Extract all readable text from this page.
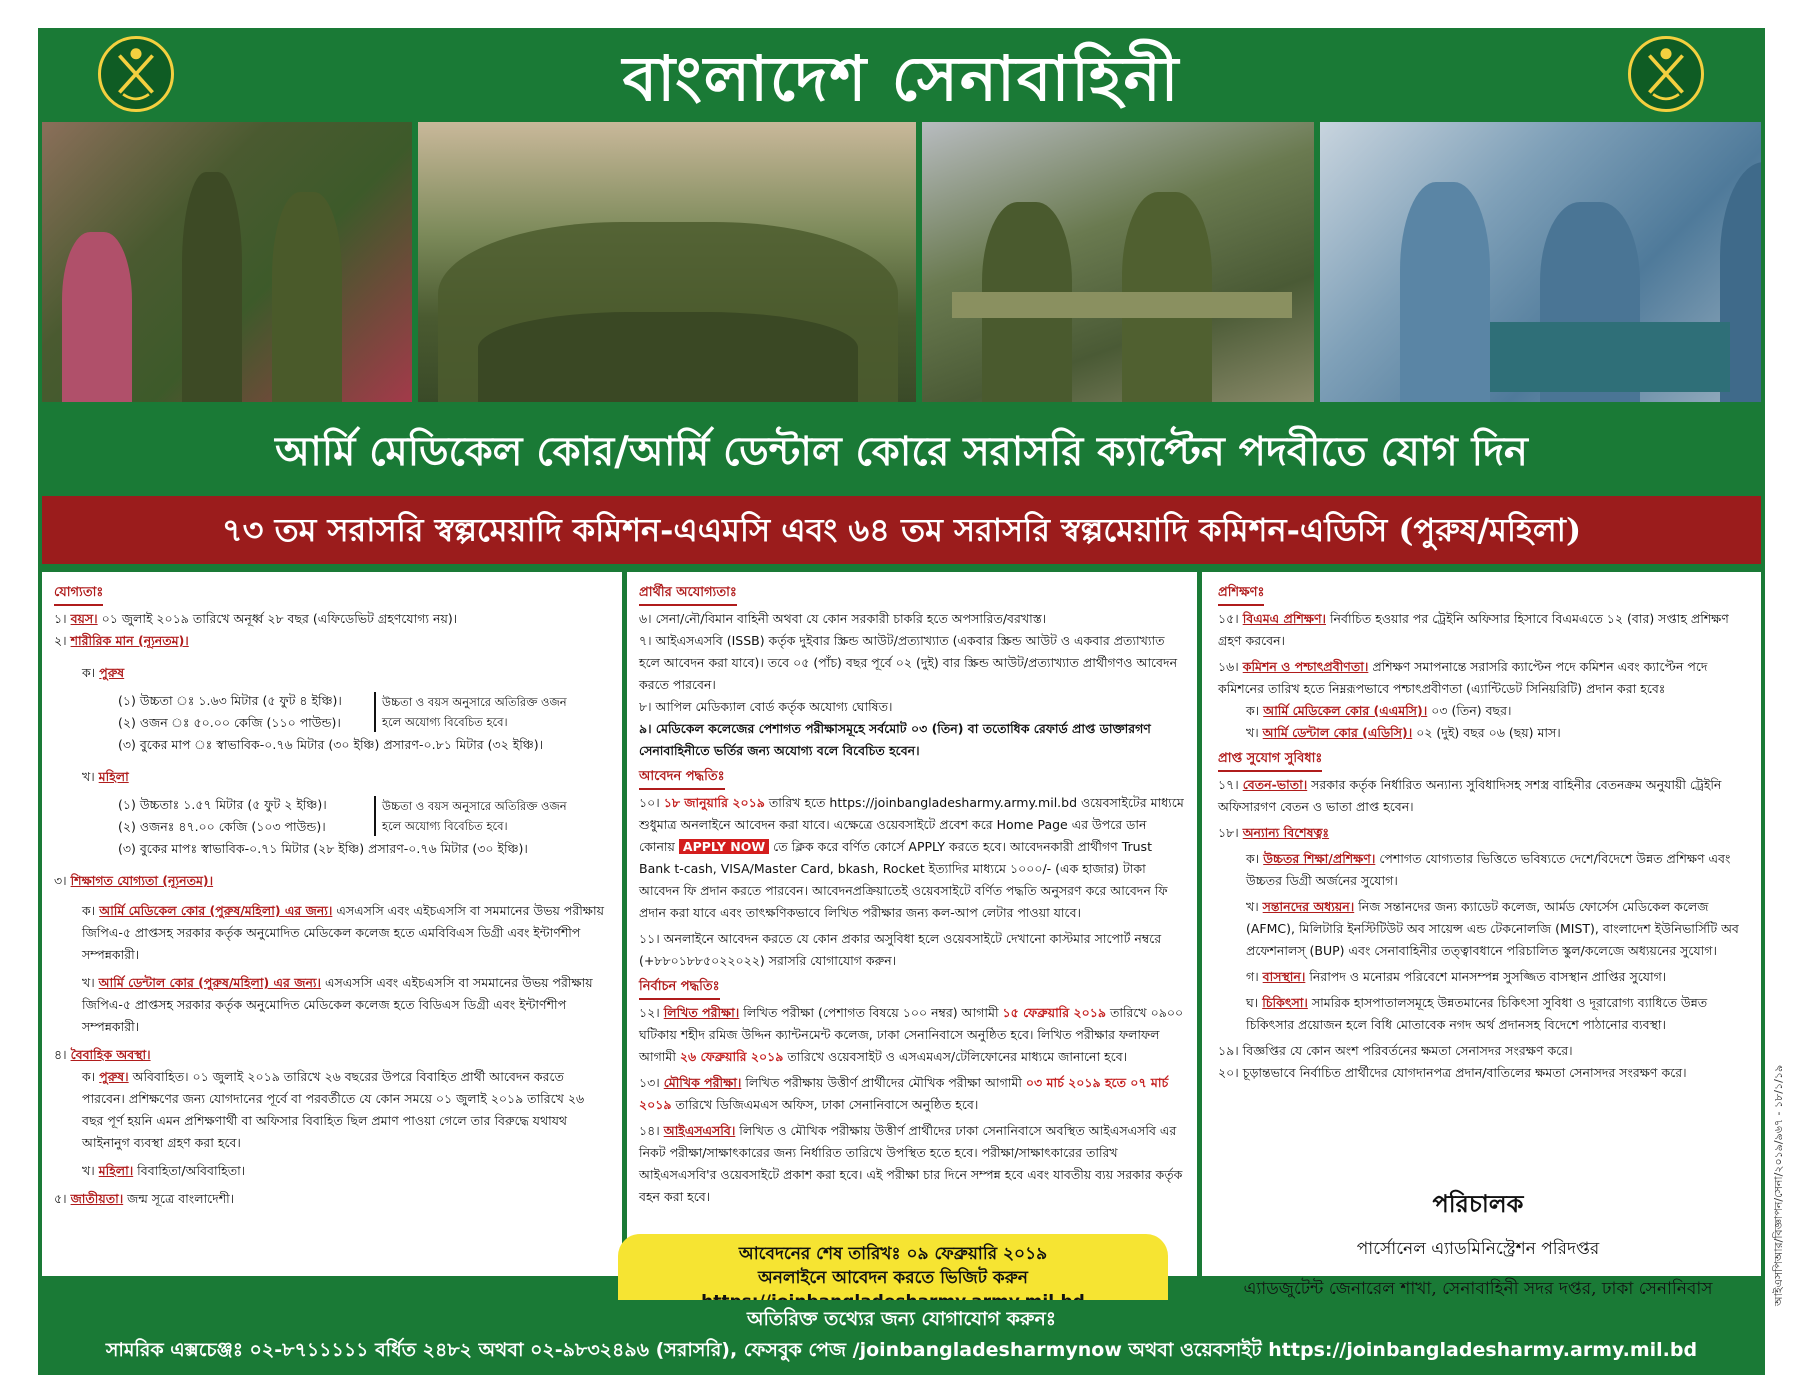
বাংলাদেশ সেনাবাহিনী
আর্মি মেডিকেল কোর/আর্মি ডেন্টাল কোরে সরাসরি ক্যাপ্টেন পদবীতে যোগ দিন
৭৩ তম সরাসরি স্বল্পমেয়াদি কমিশন-এএমসি এবং ৬৪ তম সরাসরি স্বল্পমেয়াদি কমিশন-এডিসি (পুরুষ/মহিলা)
যোগ্যতাঃ

১। বয়স। ০১ জুলাই ২০১৯ তারিখে অনূর্ধ্ব ২৮ বছর (এফিডেভিট গ্রহণযোগ্য নয়)।

২। শারীরিক মান (ন্যূনতম)।

ক। পুরুষ

(১) উচ্চতা ঃ ১.৬৩ মিটার (৫ ফুট ৪ ইঞ্চি)।

(২) ওজন ঃ ৫০.০০ কেজি (১১০ পাউন্ড)।

উচ্চতা ও বয়স অনুসারে অতিরিক্ত ওজন হলে অযোগ্য বিবেচিত হবে।

(৩) বুকের মাপ ঃ স্বাভাবিক-০.৭৬ মিটার (৩০ ইঞ্চি) প্রসারণ-০.৮১ মিটার (৩২ ইঞ্চি)।

খ। মহিলা

(১) উচ্চতাঃ ১.৫৭ মিটার (৫ ফুট ২ ইঞ্চি)।

(২) ওজনঃ ৪৭.০০ কেজি (১০৩ পাউন্ড)।

উচ্চতা ও বয়স অনুসারে অতিরিক্ত ওজন হলে অযোগ্য বিবেচিত হবে।

(৩) বুকের মাপঃ স্বাভাবিক-০.৭১ মিটার (২৮ ইঞ্চি) প্রসারণ-০.৭৬ মিটার (৩০ ইঞ্চি)।

৩। শিক্ষাগত যোগ্যতা (ন্যূনতম)।

ক। আর্মি মেডিকেল কোর (পুরুষ/মহিলা) এর জন্য। এসএসসি এবং এইচএসসি বা সমমানের উভয় পরীক্ষায় জিপিএ-৫ প্রাপ্তসহ সরকার কর্তৃক অনুমোদিত মেডিকেল কলেজ হতে এমবিবিএস ডিগ্রী এবং ইন্টার্ণশীপ সম্পন্নকারী।

খ। আর্মি ডেন্টাল কোর (পুরুষ/মহিলা) এর জন্য। এসএসসি এবং এইচএসসি বা সমমানের উভয় পরীক্ষায় জিপিএ-৫ প্রাপ্তসহ সরকার কর্তৃক অনুমোদিত মেডিকেল কলেজ হতে বিডিএস ডিগ্রী এবং ইন্টার্ণশীপ সম্পন্নকারী।

৪। বৈবাহিক অবস্থা।

ক। পুরুষ। অবিবাহিত। ০১ জুলাই ২০১৯ তারিখে ২৬ বছরের উপরে বিবাহিত প্রার্থী আবেদন করতে পারবেন। প্রশিক্ষণের জন্য যোগদানের পূর্বে বা পরবর্তীতে যে কোন সময়ে ০১ জুলাই ২০১৯ তারিখে ২৬ বছর পূর্ণ হয়নি এমন প্রশিক্ষণার্থী বা অফিসার বিবাহিত ছিল প্রমাণ পাওয়া গেলে তার বিরুদ্ধে যথাযথ আইনানুগ ব্যবস্থা গ্রহণ করা হবে।

খ। মহিলা। বিবাহিতা/অবিবাহিতা।

৫। জাতীয়তা। জন্ম সূত্রে বাংলাদেশী।

প্রার্থীর অযোগ্যতাঃ

৬। সেনা/নৌ/বিমান বাহিনী অথবা যে কোন সরকারী চাকরি হতে অপসারিত/বরখাস্ত।

৭। আইএসএসবি (ISSB) কর্তৃক দুইবার স্ক্রিন্ড আউট/প্রত্যাখ্যাত (একবার স্ক্রিন্ড আউট ও একবার প্রত্যাখ্যাত হলে আবেদন করা যাবে)। তবে ০৫ (পাঁচ) বছর পূর্বে ০২ (দুই) বার স্ক্রিন্ড আউট/প্রত্যাখ্যাত প্রার্থীগণও আবেদন করতে পারবেন।

৮। আপিল মেডিক্যাল বোর্ড কর্তৃক অযোগ্য ঘোষিত।

৯। মেডিকেল কলেজের পেশাগত পরীক্ষাসমূহে সর্বমোট ০৩ (তিন) বা ততোধিক রেফার্ড প্রাপ্ত ডাক্তারগণ সেনাবাহিনীতে ভর্তির জন্য অযোগ্য বলে বিবেচিত হবেন।

আবেদন পদ্ধতিঃ

১০। ১৮ জানুয়ারি ২০১৯ তারিখ হতে https://joinbangladesharmy.army.mil.bd ওয়েবসাইটের মাধ্যমে শুধুমাত্র অনলাইনে আবেদন করা যাবে। এক্ষেত্রে ওয়েবসাইটে প্রবেশ করে Home Page এর উপরে ডান কোনায় APPLY NOW তে ক্লিক করে বর্ণিত কোর্সে APPLY করতে হবে। আবেদনকারী প্রার্থীগণ Trust Bank t-cash, VISA/Master Card, bkash, Rocket ইত্যাদির মাধ্যমে ১০০০/- (এক হাজার) টাকা আবেদন ফি প্রদান করতে পারবেন। আবেদনপ্রক্রিয়াতেই ওয়েবসাইটে বর্ণিত পদ্ধতি অনুসরণ করে আবেদন ফি প্রদান করা যাবে এবং তাৎক্ষণিকভাবে লিখিত পরীক্ষার জন্য কল-আপ লেটার পাওয়া যাবে।

১১। অনলাইনে আবেদন করতে যে কোন প্রকার অসুবিধা হলে ওয়েবসাইটে দেখানো কাস্টমার সাপোর্ট নম্বরে (+৮৮০১৮৮৫০২২০২২) সরাসরি যোগাযোগ করুন।

নির্বাচন পদ্ধতিঃ

১২। লিখিত পরীক্ষা। লিখিত পরীক্ষা (পেশাগত বিষয়ে ১০০ নম্বর) আগামী ১৫ ফেব্রুয়ারি ২০১৯ তারিখে ০৯০০ ঘটিকায় শহীদ রমিজ উদ্দিন ক্যান্টনমেন্ট কলেজ, ঢাকা সেনানিবাসে অনুষ্ঠিত হবে। লিখিত পরীক্ষার ফলাফল আগামী ২৬ ফেব্রুয়ারি ২০১৯ তারিখে ওয়েবসাইট ও এসএমএস/টেলিফোনের মাধ্যমে জানানো হবে।

১৩। মৌখিক পরীক্ষা। লিখিত পরীক্ষায় উত্তীর্ণ প্রার্থীদের মৌখিক পরীক্ষা আগামী ০৩ মার্চ ২০১৯ হতে ০৭ মার্চ ২০১৯ তারিখে ডিজিএমএস অফিস, ঢাকা সেনানিবাসে অনুষ্ঠিত হবে।

১৪। আইএসএসবি। লিখিত ও মৌখিক পরীক্ষায় উত্তীর্ণ প্রার্থীদের ঢাকা সেনানিবাসে অবস্থিত আইএসএসবি এর নিকট পরীক্ষা/সাক্ষাৎকারের জন্য নির্ধারিত তারিখে উপস্থিত হতে হবে। পরীক্ষা/সাক্ষাৎকারের তারিখ আইএসএসবি'র ওয়েবসাইটে প্রকাশ করা হবে। এই পরীক্ষা চার দিনে সম্পন্ন হবে এবং যাবতীয় ব্যয় সরকার কর্তৃক বহন করা হবে।

প্রশিক্ষণঃ

১৫। বিএমএ প্রশিক্ষণ। নির্বাচিত হওয়ার পর ট্রেইনি অফিসার হিসাবে বিএমএতে ১২ (বার) সপ্তাহ প্রশিক্ষণ গ্রহণ করবেন।

১৬। কমিশন ও পশ্চাৎপ্রবীণতা। প্রশিক্ষণ সমাপনান্তে সরাসরি ক্যাপ্টেন পদে কমিশন এবং ক্যাপ্টেন পদে কমিশনের তারিখ হতে নিম্নরূপভাবে পশ্চাৎপ্রবীণতা (এ্যান্টিডেট সিনিয়রিটি) প্রদান করা হবেঃ

ক। আর্মি মেডিকেল কোর (এএমসি)। ০৩ (তিন) বছর।

খ। আর্মি ডেন্টাল কোর (এডিসি)। ০২ (দুই) বছর ০৬ (ছয়) মাস।

প্রাপ্ত সুযোগ সুবিধাঃ

১৭। বেতন-ভাতা। সরকার কর্তৃক নির্ধারিত অন্যান্য সুবিধাদিসহ সশস্ত্র বাহিনীর বেতনক্রম অনুযায়ী ট্রেইনি অফিসারগণ বেতন ও ভাতা প্রাপ্ত হবেন।

১৮। অন্যান্য বিশেষত্বঃ

ক। উচ্চতর শিক্ষা/প্রশিক্ষণ। পেশাগত যোগ্যতার ভিত্তিতে ভবিষ্যতে দেশে/বিদেশে উন্নত প্রশিক্ষণ এবং উচ্চতর ডিগ্রী অর্জনের সুযোগ।

খ। সন্তানদের অধ্যয়ন। নিজ সন্তানদের জন্য ক্যাডেট কলেজ, আর্মড ফোর্সেস মেডিকেল কলেজ (AFMC), মিলিটারি ইনস্টিটিউট অব সায়েন্স এন্ড টেকনোলজি (MIST), বাংলাদেশ ইউনিভার্সিটি অব প্রফেশনালস্ (BUP) এবং সেনাবাহিনীর তত্ত্বাবধানে পরিচালিত স্কুল/কলেজে অধ্যয়নের সুযোগ।

গ। বাসস্থান। নিরাপদ ও মনোরম পরিবেশে মানসম্পন্ন সুসজ্জিত বাসস্থান প্রাপ্তির সুযোগ।

ঘ। চিকিৎসা। সামরিক হাসপাতালসমূহে উন্নতমানের চিকিৎসা সুবিধা ও দূরারোগ্য ব্যাধিতে উন্নত চিকিৎসার প্রয়োজন হলে বিধি মোতাবেক নগদ অর্থ প্রদানসহ বিদেশে পাঠানোর ব্যবস্থা।

১৯। বিজ্ঞপ্তির যে কোন অংশ পরিবর্তনের ক্ষমতা সেনাসদর সংরক্ষণ করে।

২০। চূড়ান্তভাবে নির্বাচিত প্রার্থীদের যোগদানপত্র প্রদান/বাতিলের ক্ষমতা সেনাসদর সংরক্ষণ করে।

আবেদনের শেষ তারিখঃ ০৯ ফেব্রুয়ারি ২০১৯
অনলাইনে আবেদন করতে ভিজিট করুন
পরিচালক
পার্সোনেল এ্যাডমিনিস্ট্রেশন পরিদপ্তর
এ্যাডজুটেন্ট জেনারেল শাখা, সেনাবাহিনী সদর দপ্তর, ঢাকা সেনানিবাস
অতিরিক্ত তথ্যের জন্য যোগাযোগ করুনঃ
সামরিক এক্সচেঞ্জঃ ০২-৮৭১১১১১ বর্ধিত ২৪৮২ অথবা ০২-৯৮৩২৪৯৬ (সরাসরি), ফেসবুক পেজ /joinbangladesharmynow অথবা ওয়েবসাইট https://joinbangladesharmy.army.mil.bd
আইএসপিআর/বিজ্ঞাপন/সেনা/২০১৯/৯৬৭ - ১৮/১/১৯
